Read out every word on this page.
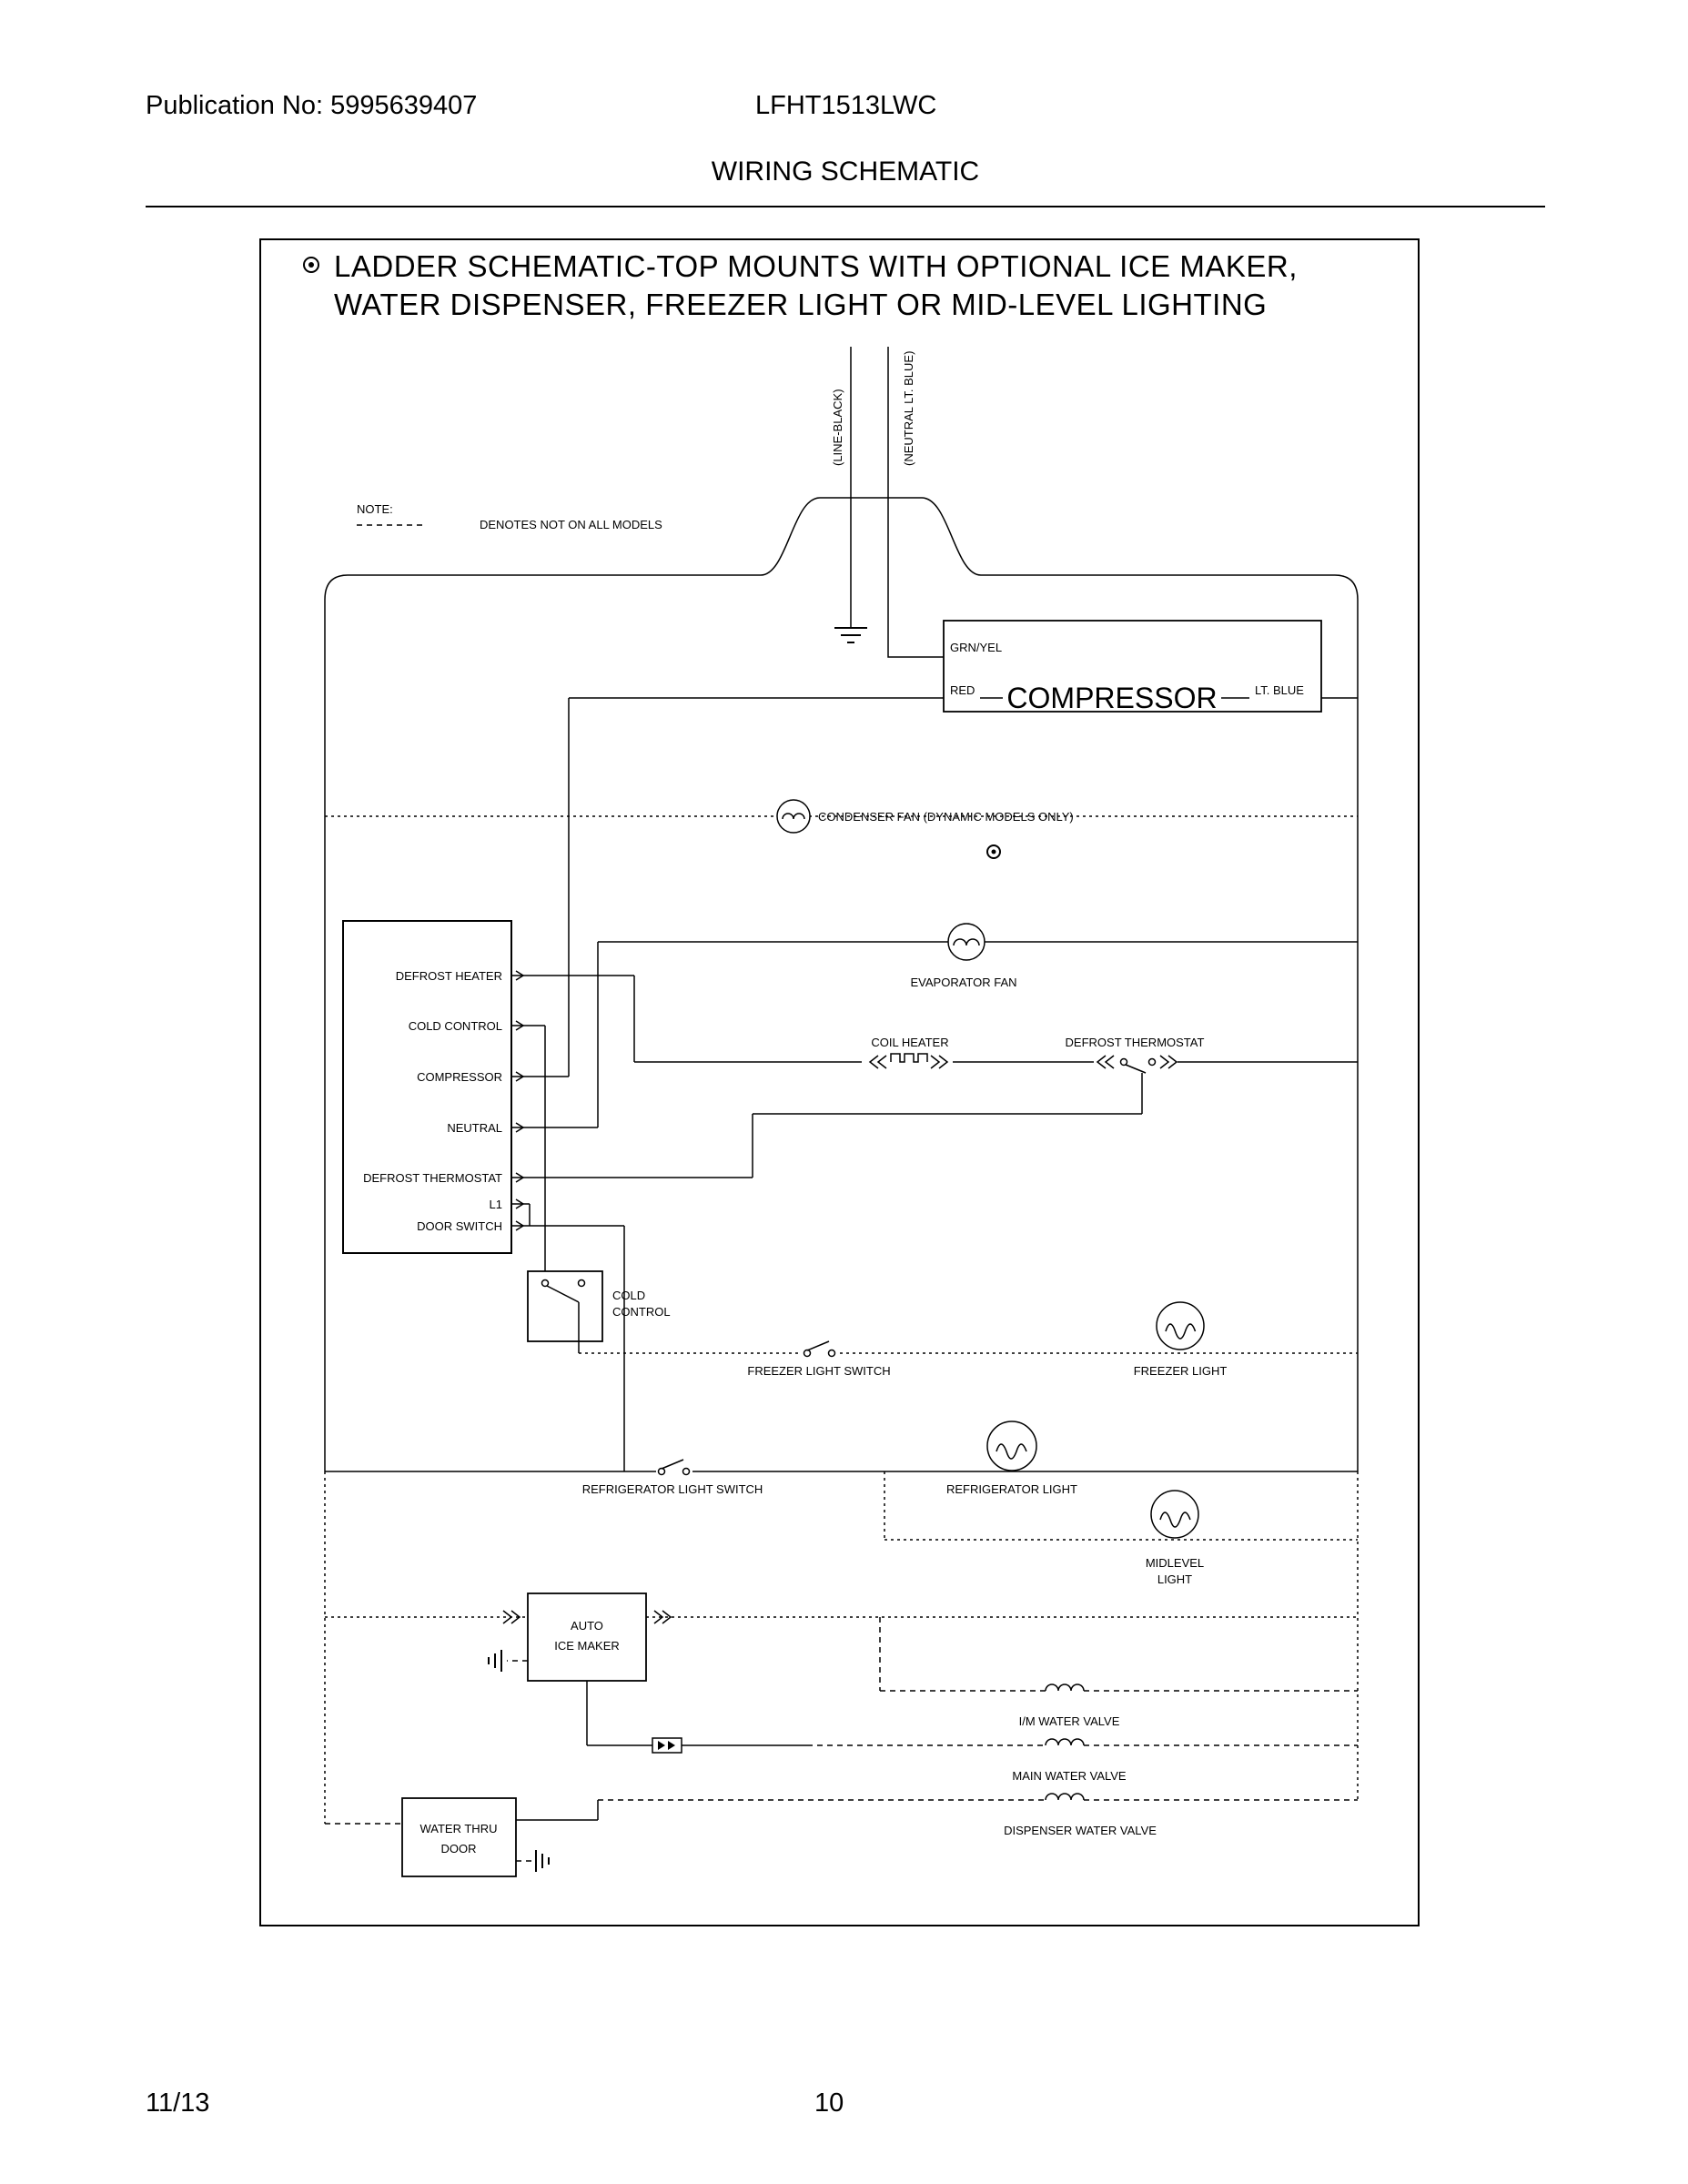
Publication No: 5995639407	LFHT1513LWC
WIRING SCHEMATIC
LADDER SCHEMATIC-TOP MOUNTS WITH OPTIONAL ICE MAKER,
WATER DISPENSER, FREEZER LIGHT OR MID-LEVEL LIGHTING
NOTE:
DENOTES NOT ON ALL MODELS
(LINE-BLACK)	(NEUTRAL LT. BLUE)
GRN/YEL
RED COMPRESSOR	LT. BLUE
CONDENSER FAN (DYNAMIC MODELS ONLY)
EVAPORATOR FAN
COIL HEATER	DEFROST THERMOSTAT
DEFROST HEATER
COLD CONTROL
COMPRESSOR
NEUTRAL
DEFROST THERMOSTAT
L1
DOOR SWITCH
COLD
CONTROL
FREEZER LIGHT SWITCH	FREEZER LIGHT
REFRIGERATOR LIGHT SWITCH	REFRIGERATOR LIGHT
MIDLEVEL
LIGHT
AUTO
ICE MAKER
I/M WATER VALVE
MAIN WATER VALVE
DISPENSER WATER VALVE
WATER THRU
DOOR
11/13	10
